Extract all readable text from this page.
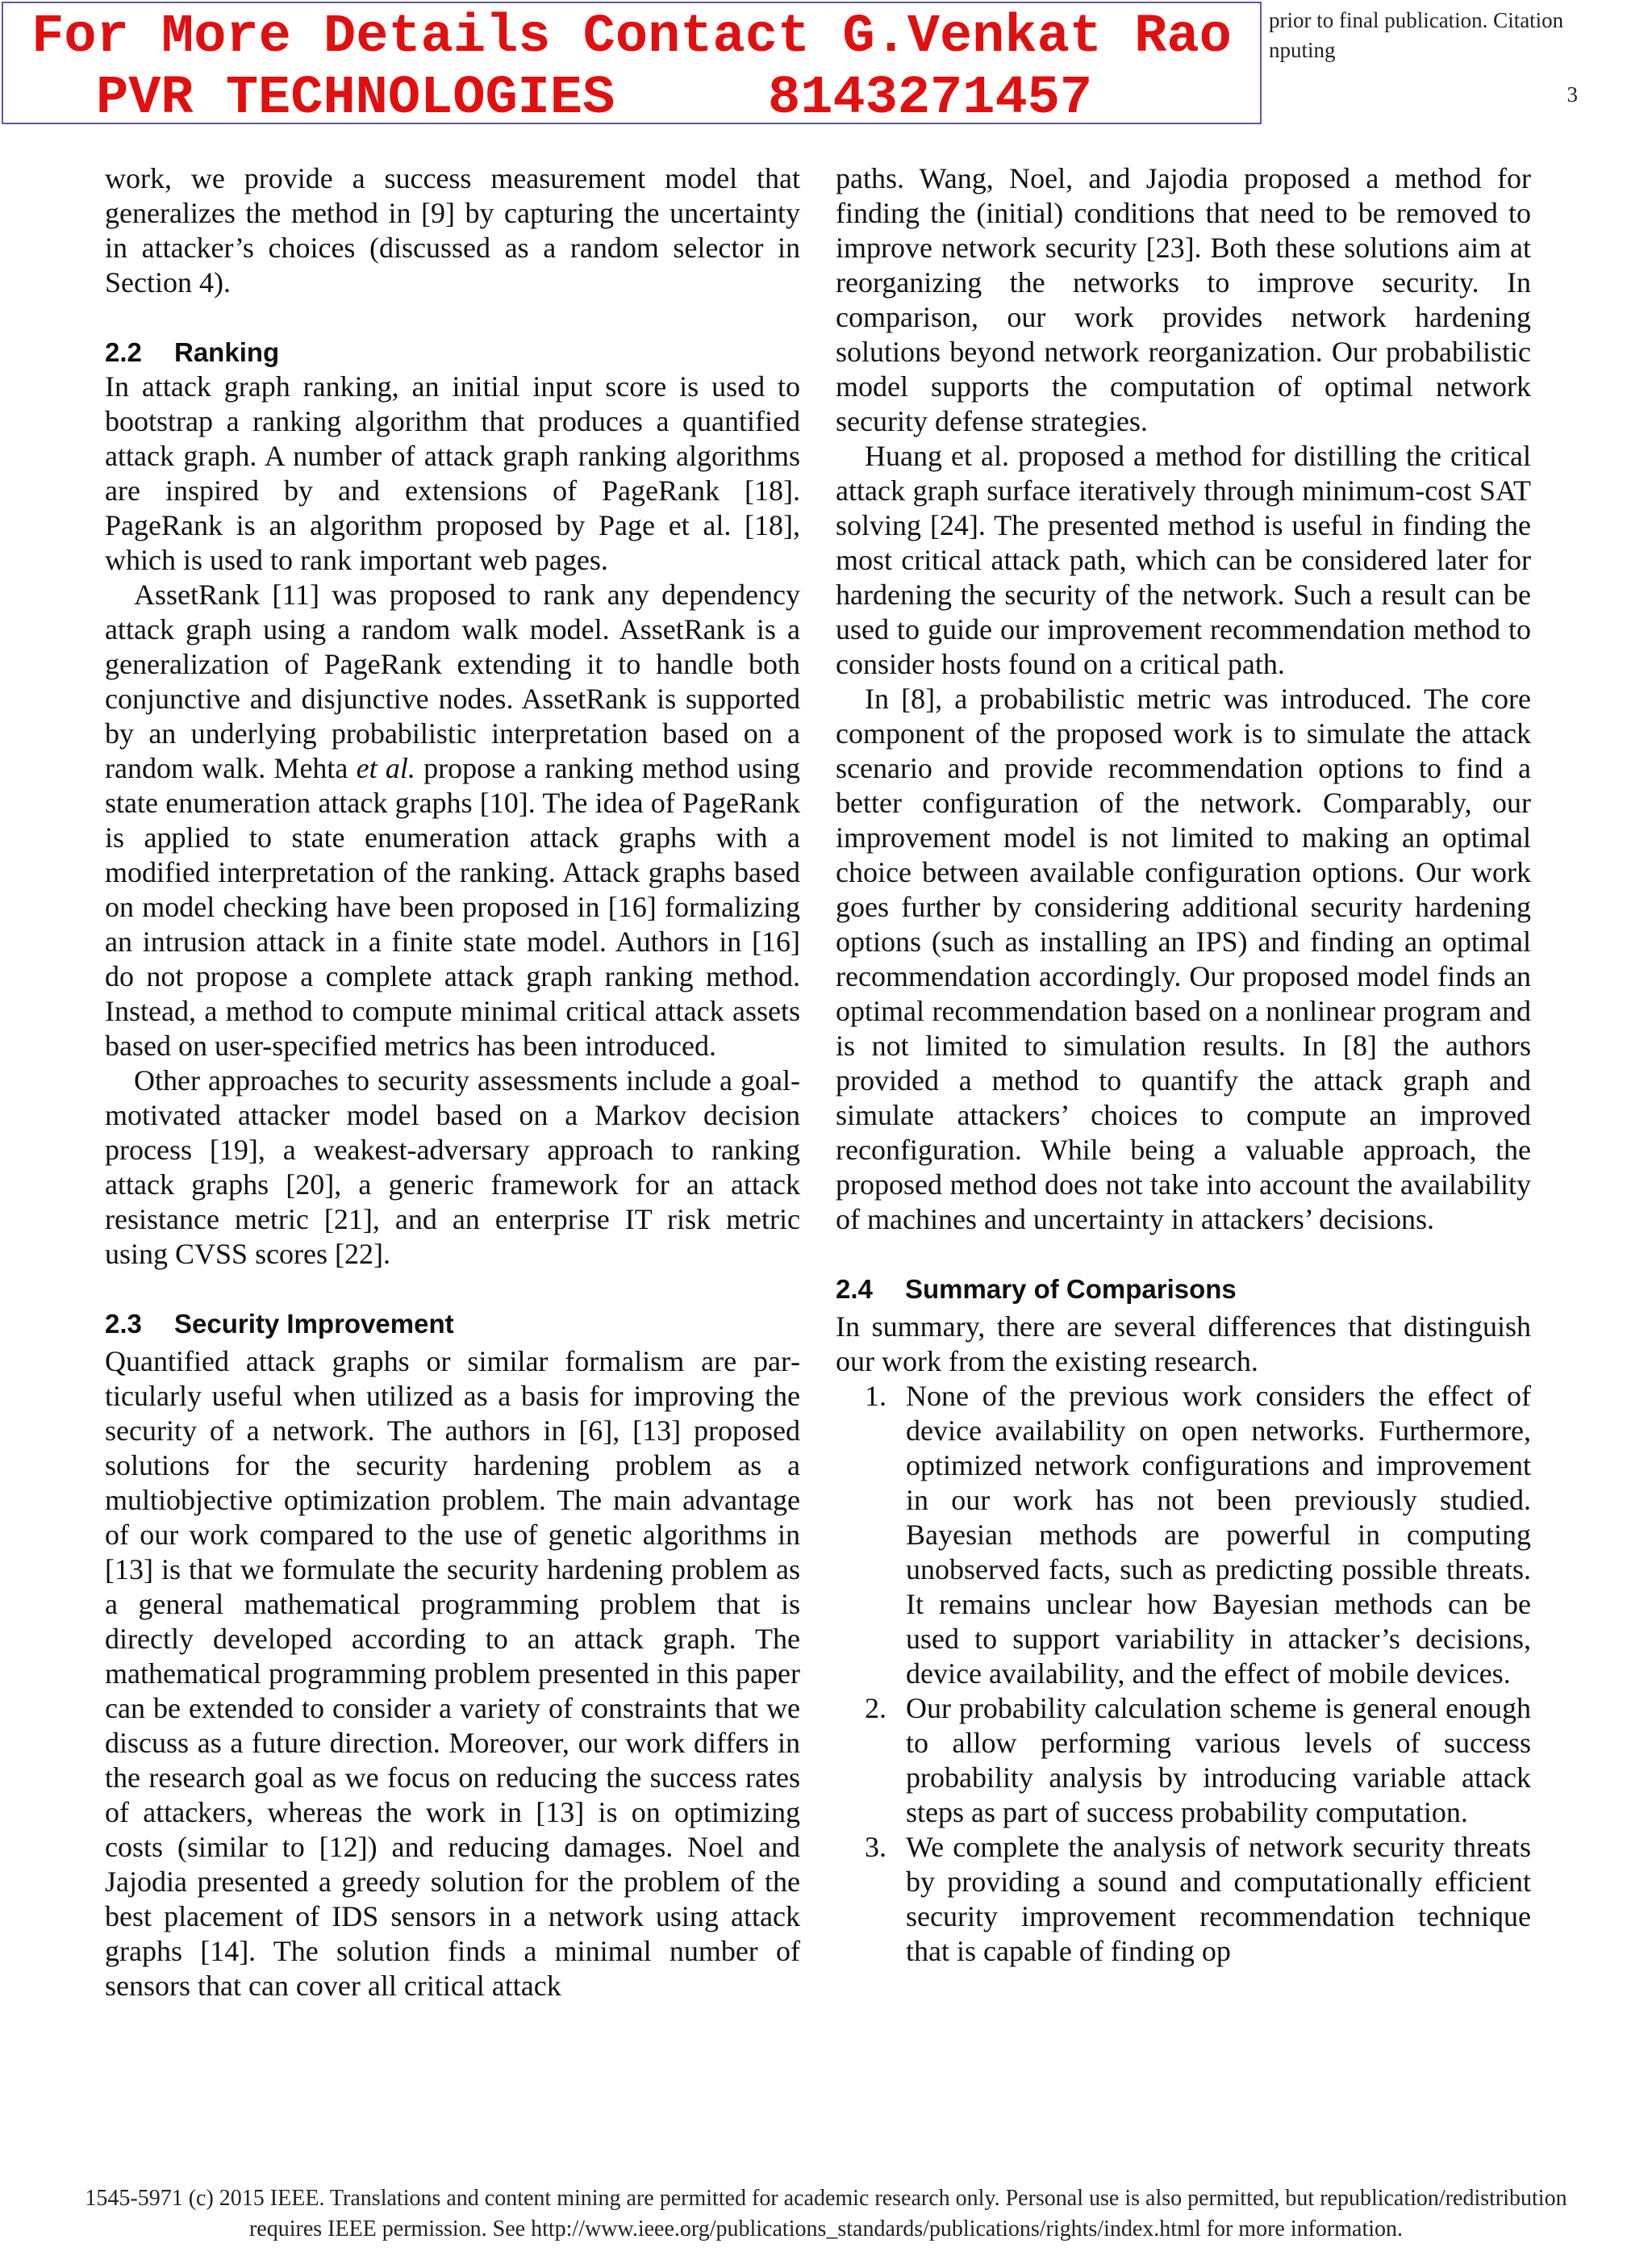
For More Details Contact G.Venkat Rao
PVR TECHNOLOGIES	8143271457
prior to final publication. Citation
nputing
3

work, we provide a success measurement model that generalizes the method in [9] by capturing the uncertainty in attacker’s choices (discussed as a random selector in Section 4).

2.2 Ranking

In attack graph ranking, an initial input score is used to bootstrap a ranking algorithm that produces a quantified attack graph. A number of attack graph ranking algorithms are inspired by and extensions of PageRank [18]. PageRank is an algorithm proposed by Page et al. [18], which is used to rank important web pages.

AssetRank [11] was proposed to rank any dependency attack graph using a random walk model. AssetRank is a generalization of PageRank extending it to handle both conjunctive and disjunctive nodes. AssetRank is supported by an underlying probabilistic interpretation based on a random walk. Mehta et al. propose a ranking method using state enumeration attack graphs [10]. The idea of PageRank is applied to state enumeration attack graphs with a modified interpretation of the ranking. Attack graphs based on model checking have been proposed in [16] formalizing an intrusion attack in a finite state model. Authors in [16] do not propose a complete attack graph ranking method. Instead, a method to compute minimal critical attack assets based on user-specified metrics has been introduced.

Other approaches to security assessments include a goal-motivated attacker model based on a Markov decision process [19], a weakest-adversary approach to ranking attack graphs [20], a generic framework for an attack resistance metric [21], and an enterprise IT risk metric using CVSS scores [22].

2.3 Security Improvement

Quantified attack graphs or similar formalism are particularly useful when utilized as a basis for improving the security of a network. The authors in [6], [13] proposed solutions for the security hardening problem as a multiobjective optimization problem. The main advantage of our work compared to the use of genetic algorithms in [13] is that we formulate the security hardening problem as a general mathematical programming problem that is directly developed according to an attack graph. The mathematical programming problem presented in this paper can be extended to consider a variety of constraints that we discuss as a future direction. Moreover, our work differs in the research goal as we focus on reducing the success rates of attackers, whereas the work in [13] is on optimizing costs (similar to [12]) and reducing damages. Noel and Jajodia presented a greedy solution for the problem of the best placement of IDS sensors in a network using attack graphs [14]. The solution finds a minimal number of sensors that can cover all critical attack

paths. Wang, Noel, and Jajodia proposed a method for finding the (initial) conditions that need to be removed to improve network security [23]. Both these solutions aim at reorganizing the networks to improve security. In comparison, our work provides network hardening solutions beyond network reorganization. Our probabilistic model supports the computation of optimal network security defense strategies.

Huang et al. proposed a method for distilling the critical attack graph surface iteratively through minimum-cost SAT solving [24]. The presented method is useful in finding the most critical attack path, which can be considered later for hardening the security of the network. Such a result can be used to guide our improvement recommendation method to consider hosts found on a critical path.

In [8], a probabilistic metric was introduced. The core component of the proposed work is to simulate the attack scenario and provide recommendation options to find a better configuration of the network. Comparably, our improvement model is not limited to making an optimal choice between available configuration options. Our work goes further by considering additional security hardening options (such as installing an IPS) and finding an optimal recommendation accordingly. Our proposed model finds an optimal recommendation based on a nonlinear program and is not limited to simulation results. In [8] the authors provided a method to quantify the attack graph and simulate attackers’ choices to compute an improved reconfiguration. While being a valuable approach, the proposed method does not take into account the availability of machines and uncertainty in attackers’ decisions.

2.4 Summary of Comparisons

In summary, there are several differences that distinguish our work from the existing research.

1. None of the previous work considers the effect of device availability on open networks. Furthermore, optimized network configurations and improvement in our work has not been previously studied. Bayesian methods are powerful in computing unobserved facts, such as predicting possible threats. It remains unclear how Bayesian methods can be used to support variability in attacker’s decisions, device availability, and the effect of mobile devices.
2. Our probability calculation scheme is general enough to allow performing various levels of success probability analysis by introducing variable attack steps as part of success probability computation.
3. We complete the analysis of network security threats by providing a sound and computationally efficient security improvement recommendation technique that is capable of finding op
1545-5971 (c) 2015 IEEE. Translations and content mining are permitted for academic research only. Personal use is also permitted, but republication/redistribution
requires IEEE permission. See http://www.ieee.org/publications_standards/publications/rights/index.html for more information.
